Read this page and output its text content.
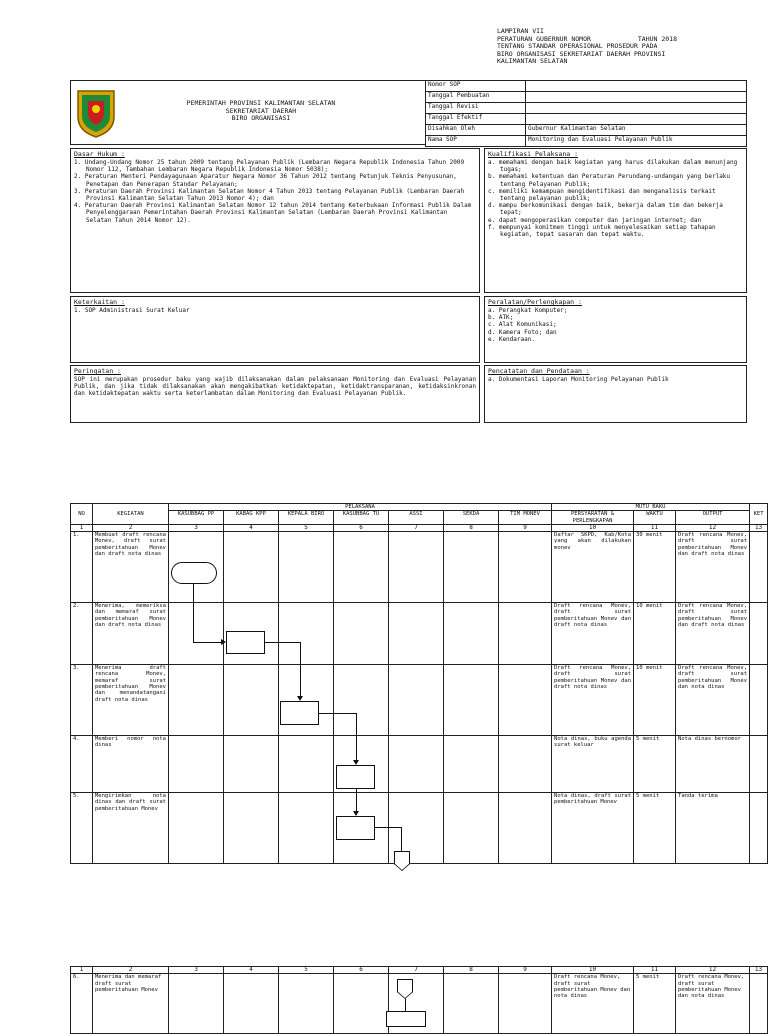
LAMPIRAN VII
PERATURAN GUBERNUR NOMOR            TAHUN 2018
TENTANG STANDAR OPERASIONAL PROSEDUR PADA
BIRO ORGANISASI SEKRETARIAT DAERAH PROVINSI
KALIMANTAN SELATAN
PEMERINTAH PROVINSI KALIMANTAN SELATAN
SEKRETARIAT DAERAH
BIRO ORGANISASI
Nomor SOP	
Tanggal Pembuatan	
Tanggal Revisi	
Tanggal Efektif	
Disahkan Oleh	Gubernur Kalimantan Selatan
Nama SOP	Monitoring dan Evaluasi Pelayanan Publik
Dasar Hukum :
1. Undang-Undang Nomor 25 tahun 2009 tentang Pelayanan Publik (Lembaran Negara Republik Indonesia Tahun 2009 Nomor 112, Tambahan Lembaran Negara Republik Indonesia Nomor 5038);
2. Peraturan Menteri Pendayagunaan Aparatur Negara Nomor 36 Tahun 2012 tentang Petunjuk Teknis Penyusunan, Penetapan dan Penerapan Standar Pelayanan;
3. Peraturan Daerah Provinsi Kalimantan Selatan Nomor 4 Tahun 2013 tentang Pelayanan Publik (Lembaran Daerah Provinsi Kalimantan Selatan Tahun 2013 Nomor 4); dan
4. Peraturan Daerah Provinsi Kalimantan Selatan Nomor 12 tahun 2014 tentang Keterbukaan Informasi Publik Dalam Penyelenggaraan Pemerintahan Daerah Provinsi Kalimantan Selatan (Lembaran Daerah Provinsi Kalimantan Selatan Tahun 2014 Nomor 12).
Kualifikasi Pelaksana :
a. memahami dengan baik kegiatan yang harus dilakukan dalam menunjang tugas;
b. memahami ketentuan dan Peraturan Perundang-undangan yang berlaku tentang Pelayanan Publik;
c. memiliki kemampuan mengidentifikasi dan menganalisis terkait tentang pelayanan publik;
d. mampu berkomunikasi dengan baik, bekerja dalam tim dan bekerja tepat;
e. dapat mengoperasikan computer dan jaringan internet; dan
f. mempunyai komitmen tinggi untuk menyelesaikan setiap tahapan kegiatan, tepat sasaran dan tepat waktu.
Keterkaitan :
1. SOP Administrasi Surat Keluar
Peralatan/Perlengkapan :
a. Perangkat Komputer;
b. ATK;
c. Alat Komunikasi;
d. Kamera Foto; dan
e. Kendaraan.
Peringatan :
SOP ini merupakan prosedur baku yang wajib dilaksanakan dalam pelaksanaan Monitoring dan Evaluasi Pelayanan Publik, dan jika tidak dilaksanakan akan mengakibatkan ketidaktepatan, ketidaktransparanan, ketidaksinkronan dan ketidaktepatan waktu serta keterlambatan dalam Monitoring dan Evaluasi Pelayanan Publik.
Pencatatan dan Pendataan :
a. Dokumentasi Laporan Monitoring Pelayanan Publik
NO	KEGIATAN	PELAKSANA							MUTU BAKU			KET
		KASUBBAG PP	KABAG KPP	KEPALA BIRO	KASUBBAG TU	ASSI	SEKDA	TIM MONEV	PERSYARATAN & PERLENGKAPAN	WAKTU	OUTPUT	
1	2	3	4	5	6	7	8	9	10	11	12	13
1.	Membuat draft rencana Monev, draft surat pemberitahuan Monev dan draft nota dinas								Daftar SKPD, Kab/Kota yang akan dilakukan monev	30 menit	Draft rencana Monev, draft surat pemberitahuan Monev dan draft nota dinas	
2.	Menerima, memeriksa dan memaraf surat pemberitahuan Monev dan draft nota dinas								Draft rencana Monev, draft surat pemberitahuan Monev dan draft nota dinas	10 menit	Draft rencana Monev, draft surat pemberitahuan Monev dan draft nota dinas	
3.	Menerima draft rencana Monev, memaraf surat pemberitahuan Monev dan menandatangani draft nota dinas								Draft rencana Monev, draft surat pemberitahuan Monev dan draft nota dinas	10 menit	Draft rencana Monev, draft surat pemberitahuan Monev dan nota dinas	
4.	Memberi nomor nota dinas								Nota dinas, buku agenda surat keluar	5 menit	Nota dinas bernomor	
5.	Mengirimkan nota dinas dan draft surat pemberitahuan Monev								Nota dinas, draft surat pemberitahuan Monev	5 menit	Tanda terima	
1	2	3	4	5	6	7	8	9	10	11	12	13
6.	Menerima dan memaraf draft surat pemberitahuan Monev								Draft rencana Monev, draft surat pemberitahuan Monev dan nota dinas	5 menit	Draft rencana Monev, draft surat pemberitahuan Monev dan nota dinas	
